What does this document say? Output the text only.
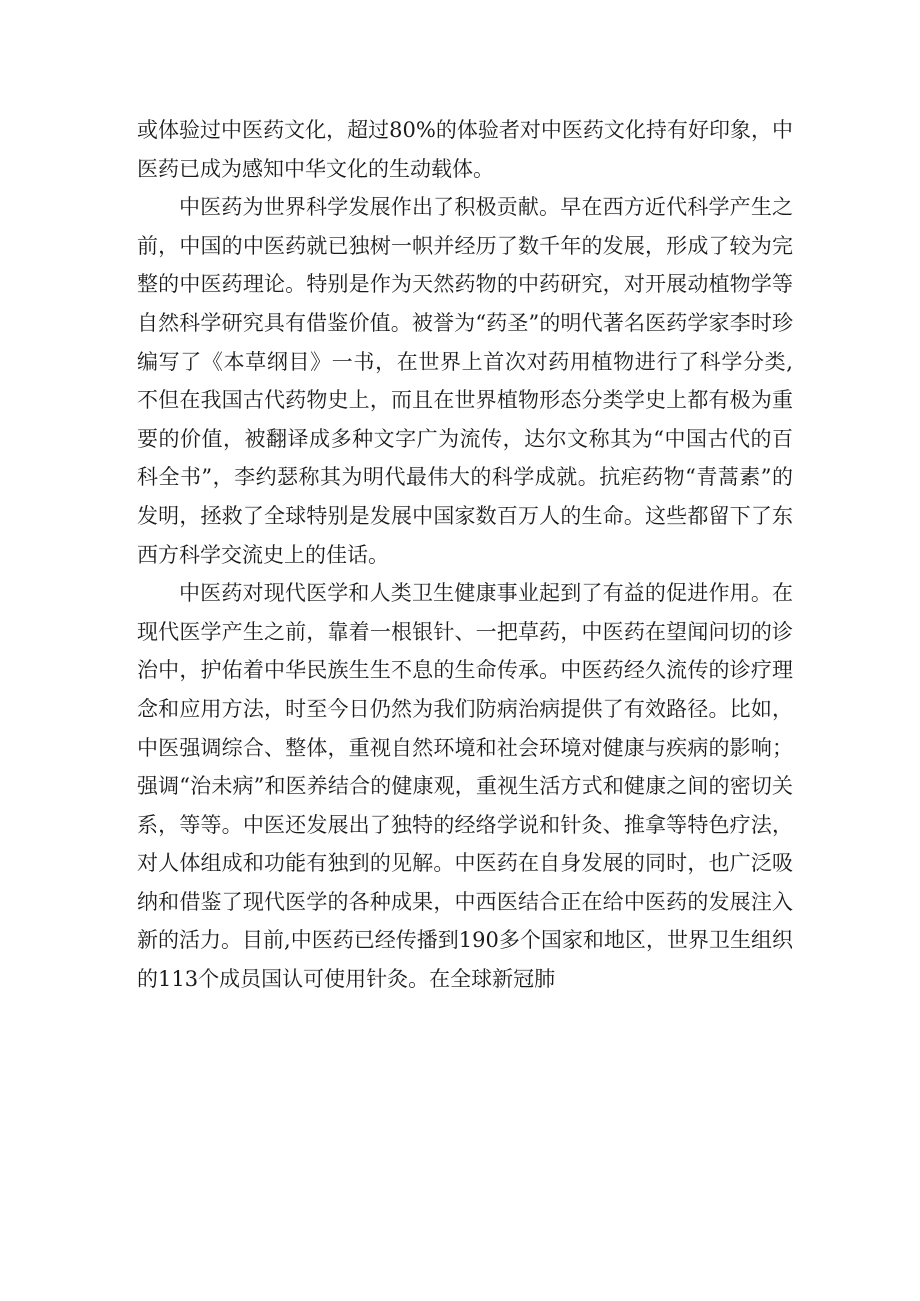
或体验过中医药文化，超过80%的体验者对中医药文化持有好印象，中医药已成为感知中华文化的生动载体。

中医药为世界科学发展作出了积极贡献。早在西方近代科学产生之前，中国的中医药就已独树一帜并经历了数千年的发展，形成了较为完整的中医药理论。特别是作为天然药物的中药研究，对开展动植物学等自然科学研究具有借鉴价值。被誉为“药圣”的明代著名医药学家李时珍编写了《本草纲目》一书，在世界上首次对药用植物进行了科学分类,不但在我国古代药物史上，而且在世界植物形态分类学史上都有极为重要的价值，被翻译成多种文字广为流传，达尔文称其为“中国古代的百科全书”，李约瑟称其为明代最伟大的科学成就。抗疟药物“青蒿素”的发明，拯救了全球特别是发展中国家数百万人的生命。这些都留下了东西方科学交流史上的佳话。

中医药对现代医学和人类卫生健康事业起到了有益的促进作用。在现代医学产生之前，靠着一根银针、一把草药，中医药在望闻问切的诊治中，护佑着中华民族生生不息的生命传承。中医药经久流传的诊疗理念和应用方法，时至今日仍然为我们防病治病提供了有效路径。比如，中医强调综合、整体，重视自然环境和社会环境对健康与疾病的影响；强调“治未病”和医养结合的健康观，重视生活方式和健康之间的密切关系，等等。中医还发展出了独特的经络学说和针灸、推拿等特色疗法，对人体组成和功能有独到的见解。中医药在自身发展的同时，也广泛吸纳和借鉴了现代医学的各种成果，中西医结合正在给中医药的发展注入新的活力。目前,中医药已经传播到190多个国家和地区，世界卫生组织的113个成员国认可使用针灸。在全球新冠肺
